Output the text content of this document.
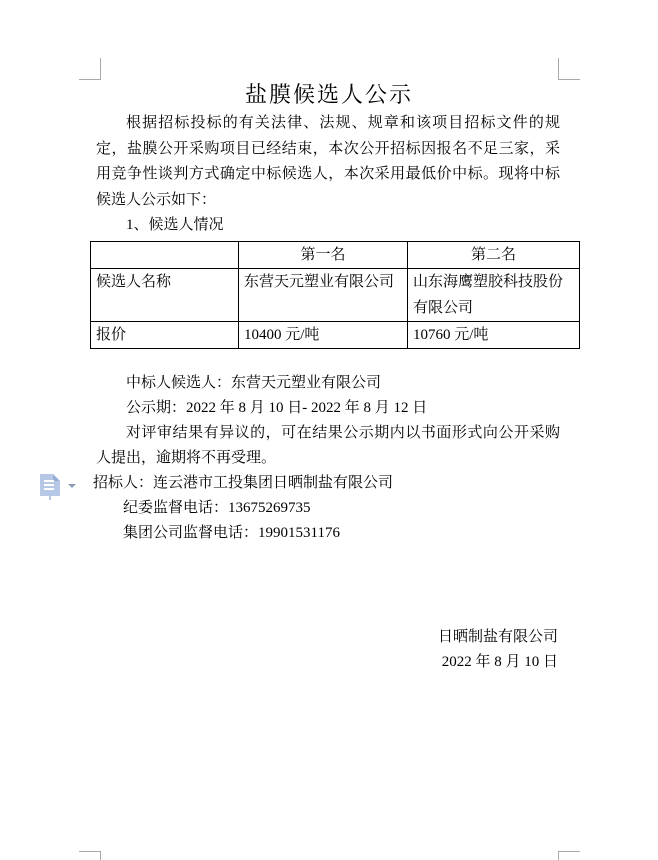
盐膜候选人公示
根据招标投标的有关法律、法规、规章和该项目招标文件的规定，盐膜公开采购项目已经结束，本次公开招标因报名不足三家，采用竞争性谈判方式确定中标候选人，本次采用最低价中标。现将中标候选人公示如下：
1、候选人情况
	第一名	第二名
候选人名称	东营天元塑业有限公司	山东海鹰塑胶科技股份有限公司
报价	10400 元/吨	10760 元/吨
中标人候选人：东营天元塑业有限公司
公示期：2022 年 8 月 10 日- 2022 年 8 月 12 日

对评审结果有异议的，可在结果公示期内以书面形式向公开采购人提出，逾期将不再受理。

招标人：连云港市工投集团日晒制盐有限公司
纪委监督电话：13675269735
集团公司监督电话：19901531176
日晒制盐有限公司
2022 年 8 月 10 日
